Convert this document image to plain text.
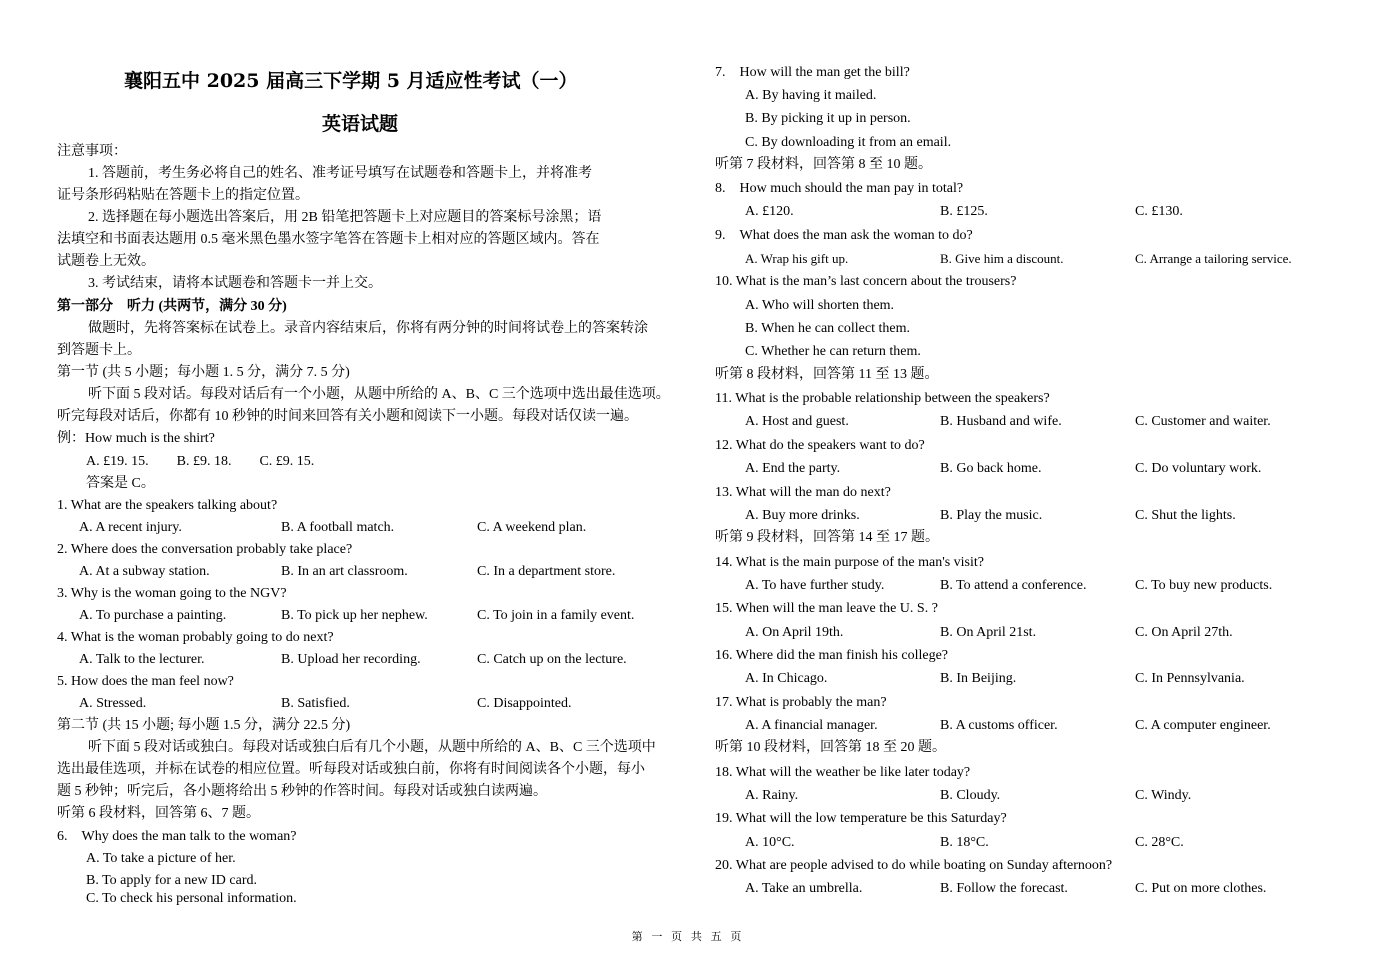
襄阳五中 2025 届高三下学期 5 月适应性考试（一）
英语试题
注意事项：
1. 答题前，考生务必将自己的姓名、准考证号填写在试题卷和答题卡上，并将准考
证号条形码粘贴在答题卡上的指定位置。
2. 选择题在每小题选出答案后，用 2B 铅笔把答题卡上对应题目的答案标号涂黑；语
法填空和书面表达题用 0.5 毫米黑色墨水签字笔答在答题卡上相对应的答题区域内。答在
试题卷上无效。
3. 考试结束，请将本试题卷和答题卡一并上交。
第一部分　听力 (共两节，满分 30 分)
做题时，先将答案标在试卷上。录音内容结束后，你将有两分钟的时间将试卷上的答案转涂
到答题卡上。
第一节 (共 5 小题；每小题 1. 5 分，满分 7. 5 分)
听下面 5 段对话。每段对话后有一个小题，从题中所给的 A、B、C 三个选项中选出最佳选项。
听完每段对话后，你都有 10 秒钟的时间来回答有关小题和阅读下一小题。每段对话仅读一遍。
例：How much is the shirt?
A. £19. 15.　　B. £9. 18.　　C. £9. 15.
答案是 C。
1. What are the speakers talking about?
A. A recent injury.	B. A football match.	C. A weekend plan.
2. Where does the conversation probably take place?
A. At a subway station.	B. In an art classroom.	C. In a department store.
3. Why is the woman going to the NGV?
A. To purchase a painting.	B. To pick up her nephew.	C. To join in a family event.
4. What is the woman probably going to do next?
A. Talk to the lecturer.	B. Upload her recording.	C. Catch up on the lecture.
5. How does the man feel now?
A. Stressed.	B. Satisfied.	C. Disappointed.
第二节 (共 15 小题; 每小题 1.5 分，满分 22.5 分)
听下面 5 段对话或独白。每段对话或独白后有几个小题，从题中所给的 A、B、C 三个选项中
选出最佳选项，并标在试卷的相应位置。听每段对话或独白前，你将有时间阅读各个小题，每小
题 5 秒钟；听完后，各小题将给出 5 秒钟的作答时间。每段对话或独白读两遍。
听第 6 段材料，回答第 6、7 题。
6.　Why does the man talk to the woman?
A. To take a picture of her.
B. To apply for a new ID card.
C. To check his personal information.
7.　How will the man get the bill?
A. By having it mailed.
B. By picking it up in person.
C. By downloading it from an email.
听第 7 段材料，回答第 8 至 10 题。
8.　How much should the man pay in total?
A. £120.	B. £125.	C. £130.
9.　What does the man ask the woman to do?
A. Wrap his gift up.	B. Give him a discount.	C. Arrange a tailoring service.
10. What is the man’s last concern about the trousers?
A. Who will shorten them.
B. When he can collect them.
C. Whether he can return them.
听第 8 段材料，回答第 11 至 13 题。
11. What is the probable relationship between the speakers?
A. Host and guest.	B. Husband and wife.	C. Customer and waiter.
12. What do the speakers want to do?
A. End the party.	B. Go back home.	C. Do voluntary work.
13. What will the man do next?
A. Buy more drinks.	B. Play the music.	C. Shut the lights.
听第 9 段材料，回答第 14 至 17 题。
14. What is the main purpose of the man's visit?
A. To have further study.	B. To attend a conference.	C. To buy new products.
15. When will the man leave the U. S. ?
A. On April 19th.	B. On April 21st.	C. On April 27th.
16. Where did the man finish his college?
A. In Chicago.	B. In Beijing.	C. In Pennsylvania.
17. What is probably the man?
A. A financial manager.	B. A customs officer.	C. A computer engineer.
听第 10 段材料，回答第 18 至 20 题。
18. What will the weather be like later today?
A. Rainy.	B. Cloudy.	C. Windy.
19. What will the low temperature be this Saturday?
A. 10°C.	B. 18°C.	C. 28°C.
20. What are people advised to do while boating on Sunday afternoon?
A. Take an umbrella.	B. Follow the forecast.	C. Put on more clothes.
第 一 页 共 五 页
